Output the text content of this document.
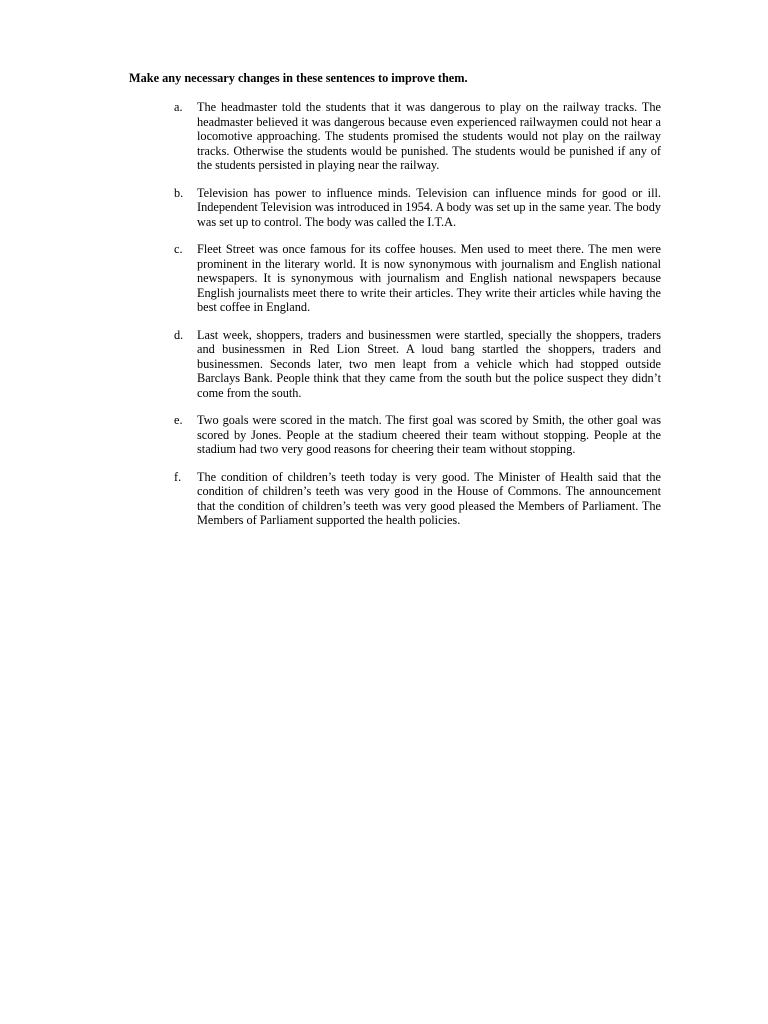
Make any necessary changes in these sentences to improve them.
a. The headmaster told the students that it was dangerous to play on the railway tracks. The headmaster believed it was dangerous because even experienced railwaymen could not hear a locomotive approaching. The students promised the students would not play on the railway tracks. Otherwise the students would be punished. The students would be punished if any of the students persisted in playing near the railway.
b. Television has power to influence minds. Television can influence minds for good or ill. Independent Television was introduced in 1954. A body was set up in the same year. The body was set up to control. The body was called the I.T.A.
c. Fleet Street was once famous for its coffee houses. Men used to meet there. The men were prominent in the literary world. It is now synonymous with journalism and English national newspapers. It is synonymous with journalism and English national newspapers because English journalists meet there to write their articles. They write their articles while having the best coffee in England.
d. Last week, shoppers, traders and businessmen were startled, specially the shoppers, traders and businessmen in Red Lion Street. A loud bang startled the shoppers, traders and businessmen. Seconds later, two men leapt from a vehicle which had stopped outside Barclays Bank. People think that they came from the south but the police suspect they didn’t come from the south.
e. Two goals were scored in the match. The first goal was scored by Smith, the other goal was scored by Jones. People at the stadium cheered their team without stopping. People at the stadium had two very good reasons for cheering their team without stopping.
f. The condition of children’s teeth today is very good. The Minister of Health said that the condition of children’s teeth was very good in the House of Commons. The announcement that the condition of children’s teeth was very good pleased the Members of Parliament. The Members of Parliament supported the health policies.
